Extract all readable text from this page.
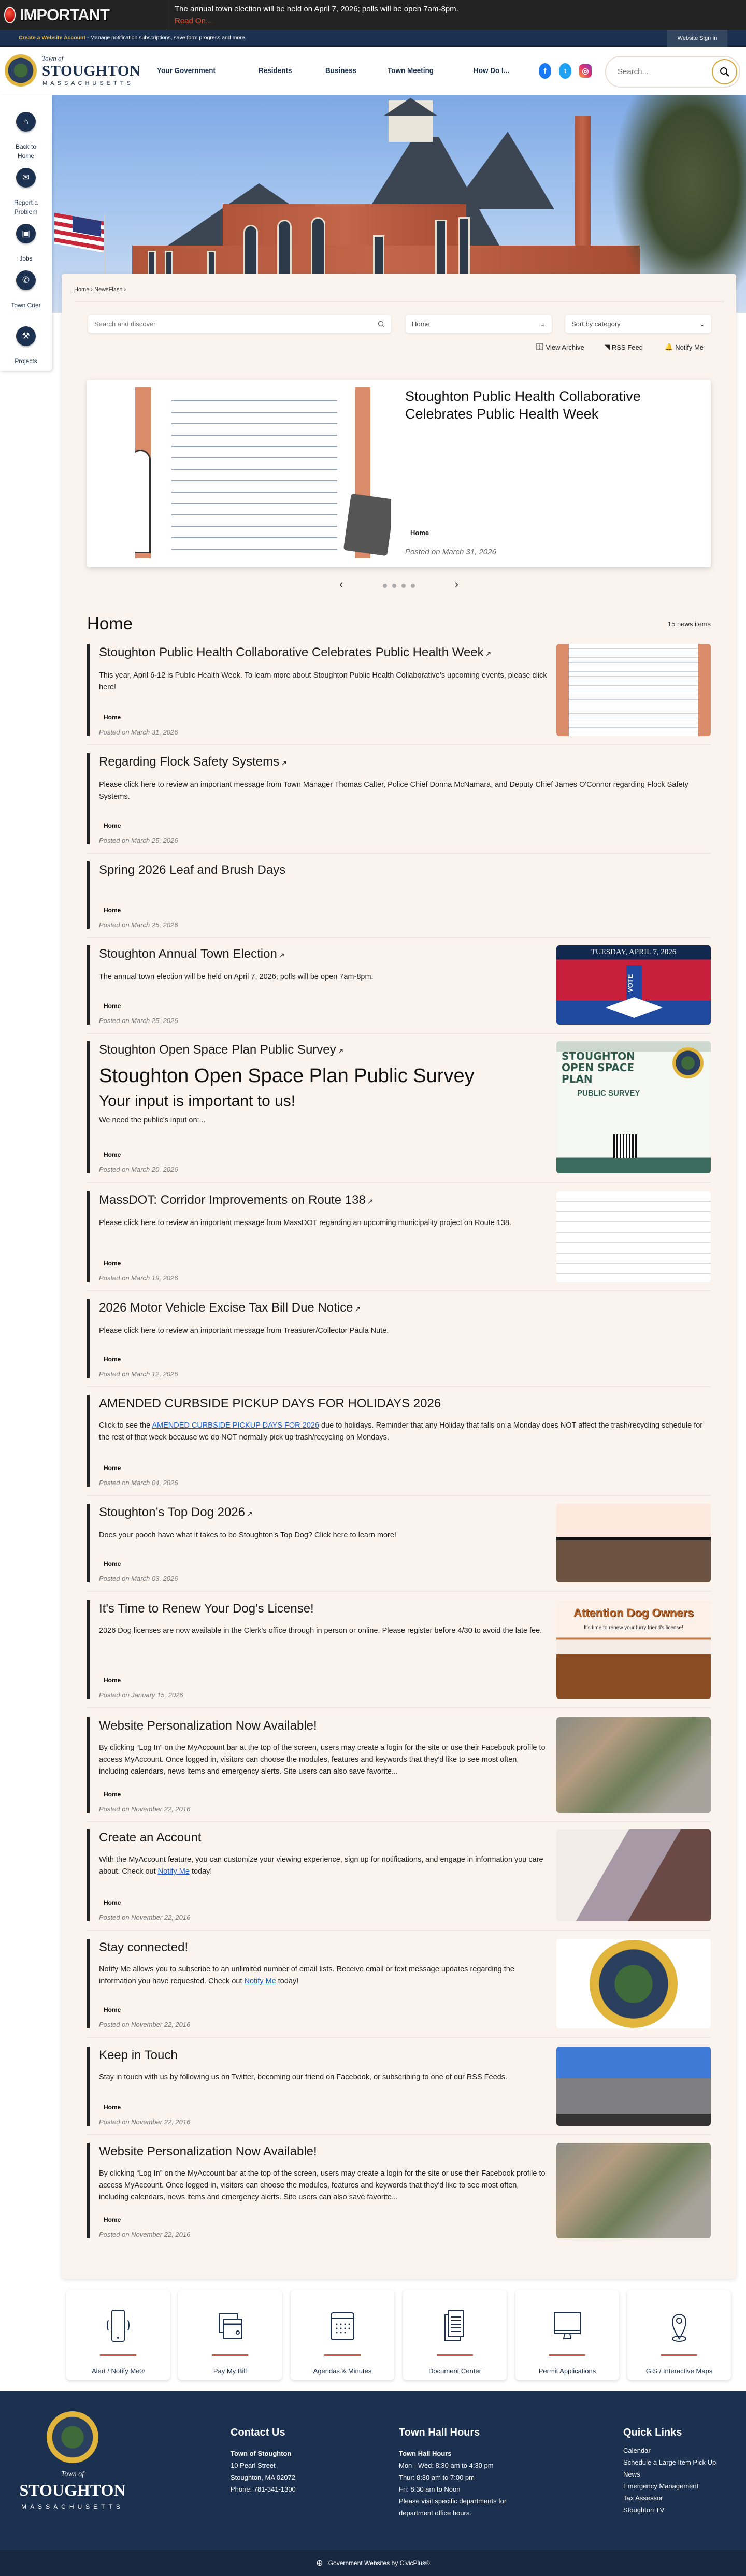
IMPORTANT	The annual town election will be held on April 7, 2026; polls will be open 7am-8pm.
Read On...
Create a Website Account - Manage notification subscriptions, save form progress and more.	Website Sign In
Town of
STOUGHTON
MASSACHUSETTS
Your Government	Residents	Business	Town Meeting	How Do I...	f	t	◎
Search...
⌂
Back to Home
✉
Report a Problem
▣
Jobs
✆
Town Crier
⚒
Projects
Home › NewsFlash ›
Search and discover
Home	⌄	Sort by category	⌄
🗄 View Archive	◥ RSS Feed	🔔 Notify Me
Stoughton Public Health Collaborative Celebrates Public Health Week
Home
Posted on March 31, 2026
‹	›
Home	15 news items
Stoughton Public Health Collaborative Celebrates Public Health Week ↗
This year, April 6-12 is Public Health Week. To learn more about Stoughton Public Health Collaborative's upcoming events, please click here!
Home
Posted on March 31, 2026
Regarding Flock Safety Systems ↗
Please click here to review an important message from Town Manager Thomas Calter, Police Chief Donna McNamara, and Deputy Chief James O'Connor regarding Flock Safety Systems.
Home
Posted on March 25, 2026
Spring 2026 Leaf and Brush Days
Home
Posted on March 25, 2026
Stoughton Annual Town Election ↗
The annual town election will be held on April 7, 2026; polls will be open 7am-8pm.
Home
Posted on March 25, 2026
TUESDAY, APRIL 7, 2026
VOTE
Stoughton Open Space Plan Public Survey ↗
Stoughton Open Space Plan Public Survey
Your input is important to us!
We need the public's input on:...
Home
Posted on March 20, 2026
STOUGHTON OPEN SPACE PLAN
PUBLIC SURVEY
MassDOT: Corridor Improvements on Route 138 ↗
Please click here to review an important message from MassDOT regarding an upcoming municipality project on Route 138.
Home
Posted on March 19, 2026
2026 Motor Vehicle Excise Tax Bill Due Notice ↗
Please click here to review an important message from Treasurer/Collector Paula Nute.
Home
Posted on March 12, 2026
AMENDED CURBSIDE PICKUP DAYS FOR HOLIDAYS 2026
Click to see the AMENDED CURBSIDE PICKUP DAYS FOR 2026 due to holidays. Reminder that any Holiday that falls on a Monday does NOT affect the trash/recycling schedule for the rest of that week because we do NOT normally pick up trash/recycling on Mondays.
Home
Posted on March 04, 2026
Stoughton’s Top Dog 2026 ↗
Does your pooch have what it takes to be Stoughton's Top Dog? Click here to learn more!
Home
Posted on March 03, 2026
It's Time to Renew Your Dog's License!
2026 Dog licenses are now available in the Clerk's office through in person or online. Please register before 4/30 to avoid the late fee.
Home
Posted on January 15, 2026
Attention Dog Owners
It's time to renew your furry friend's license!
Website Personalization Now Available!
By clicking “Log In” on the MyAccount bar at the top of the screen, users may create a login for the site or use their Facebook profile to access MyAccount. Once logged in, visitors can choose the modules, features and keywords that they'd like to see most often, including calendars, news items and emergency alerts. Site users can also save favorite...
Home
Posted on November 22, 2016
Create an Account
With the MyAccount feature, you can customize your viewing experience, sign up for notifications, and engage in information you care about. Check out Notify Me today!
Home
Posted on November 22, 2016
Stay connected!
Notify Me allows you to subscribe to an unlimited number of email lists. Receive email or text message updates regarding the information you have requested. Check out Notify Me today!
Home
Posted on November 22, 2016
Keep in Touch
Stay in touch with us by following us on Twitter, becoming our friend on Facebook, or subscribing to one of our RSS Feeds.
Home
Posted on November 22, 2016
Website Personalization Now Available!
By clicking “Log In” on the MyAccount bar at the top of the screen, users may create a login for the site or use their Facebook profile to access MyAccount. Once logged in, visitors can choose the modules, features and keywords that they'd like to see most often, including calendars, news items and emergency alerts. Site users can also save favorite...
Home
Posted on November 22, 2016
Alert / Notify Me®	Pay My Bill	Agendas & Minutes	Document Center	Permit Applications	GIS / Interactive Maps
Town of
STOUGHTON
MASSACHUSETTS
Contact Us
Town of Stoughton
10 Pearl Street
Stoughton, MA 02072
Phone: 781-341-1300
Town Hall Hours
Town Hall Hours
Mon - Wed: 8:30 am to 4:30 pm
Thur: 8:30 am to 7:00 pm
Fri: 8:30 am to Noon
Please visit specific departments for department office hours.
Quick Links
Calendar
Schedule a Large Item Pick Up
News
Emergency Management
Tax Assessor
Stoughton TV
⊕ Government Websites by CivicPlus®
